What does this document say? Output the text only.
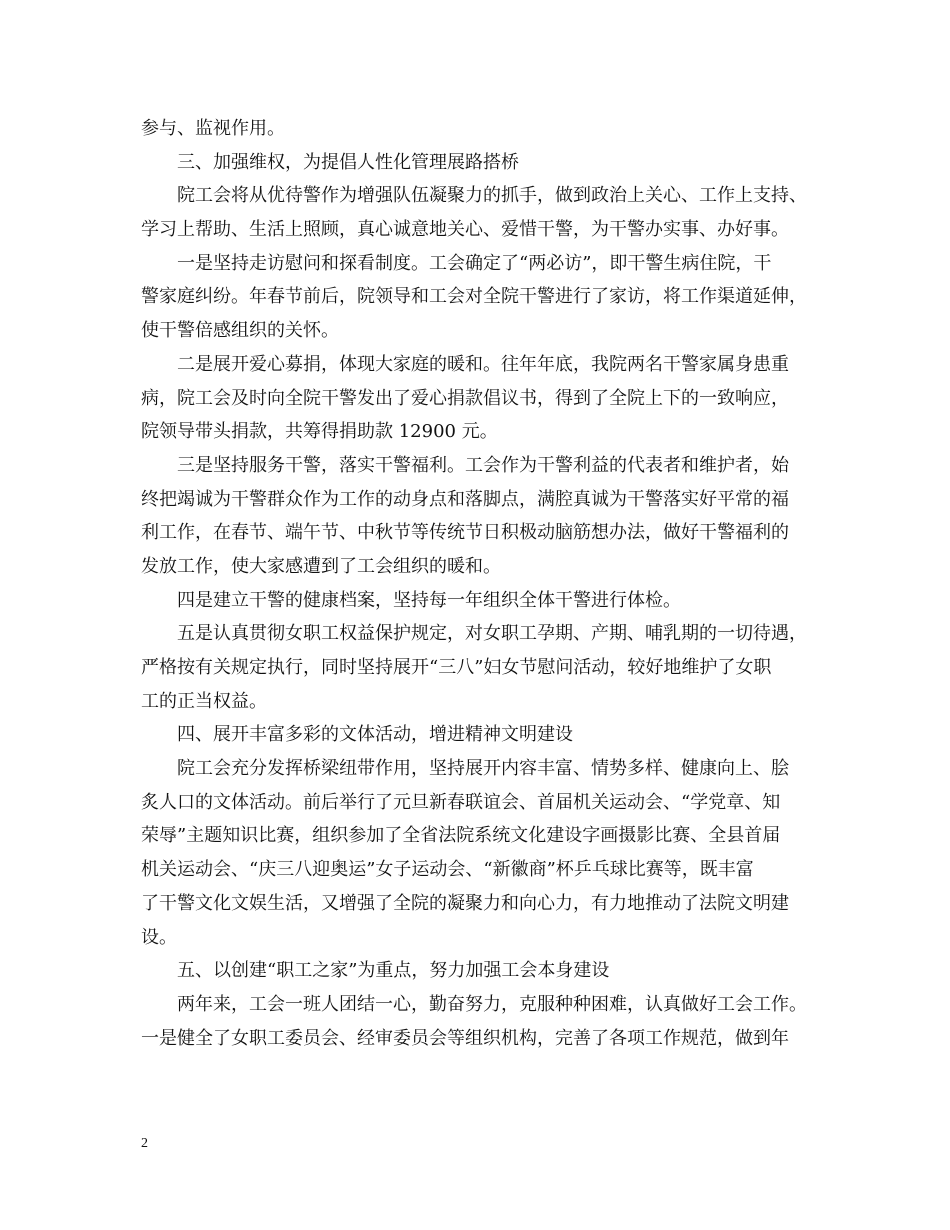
参与、监视作用。
三、加强维权，为提倡人性化管理展路搭桥
院工会将从优待警作为增强队伍凝聚力的抓手，做到政治上关心、工作上支持、
学习上帮助、生活上照顾，真心诚意地关心、爱惜干警，为干警办实事、办好事。
一是坚持走访慰问和探看制度。工会确定了“两必访”，即干警生病住院，干
警家庭纠纷。年春节前后，院领导和工会对全院干警进行了家访，将工作渠道延伸，
使干警倍感组织的关怀。
二是展开爱心募捐，体现大家庭的暖和。往年年底，我院两名干警家属身患重
病，院工会及时向全院干警发出了爱心捐款倡议书，得到了全院上下的一致响应，
院领导带头捐款，共筹得捐助款 12900 元。
三是坚持服务干警，落实干警福利。工会作为干警利益的代表者和维护者，始
终把竭诚为干警群众作为工作的动身点和落脚点，满腔真诚为干警落实好平常的福
利工作，在春节、端午节、中秋节等传统节日积极动脑筋想办法，做好干警福利的
发放工作，使大家感遭到了工会组织的暖和。
四是建立干警的健康档案，坚持每一年组织全体干警进行体检。
五是认真贯彻女职工权益保护规定，对女职工孕期、产期、哺乳期的一切待遇，
严格按有关规定执行，同时坚持展开“三八”妇女节慰问活动，较好地维护了女职
工的正当权益。
四、展开丰富多彩的文体活动，增进精神文明建设
院工会充分发挥桥梁纽带作用，坚持展开内容丰富、情势多样、健康向上、脍
炙人口的文体活动。前后举行了元旦新春联谊会、首届机关运动会、“学党章、知
荣辱”主题知识比赛，组织参加了全省法院系统文化建设字画摄影比赛、全县首届
机关运动会、“庆三八迎奥运”女子运动会、“新徽商”杯乒乓球比赛等，既丰富
了干警文化文娱生活，又增强了全院的凝聚力和向心力，有力地推动了法院文明建
设。
五、以创建“职工之家”为重点，努力加强工会本身建设
两年来，工会一班人团结一心，勤奋努力，克服种种困难，认真做好工会工作。
一是健全了女职工委员会、经审委员会等组织机构，完善了各项工作规范，做到年
2
